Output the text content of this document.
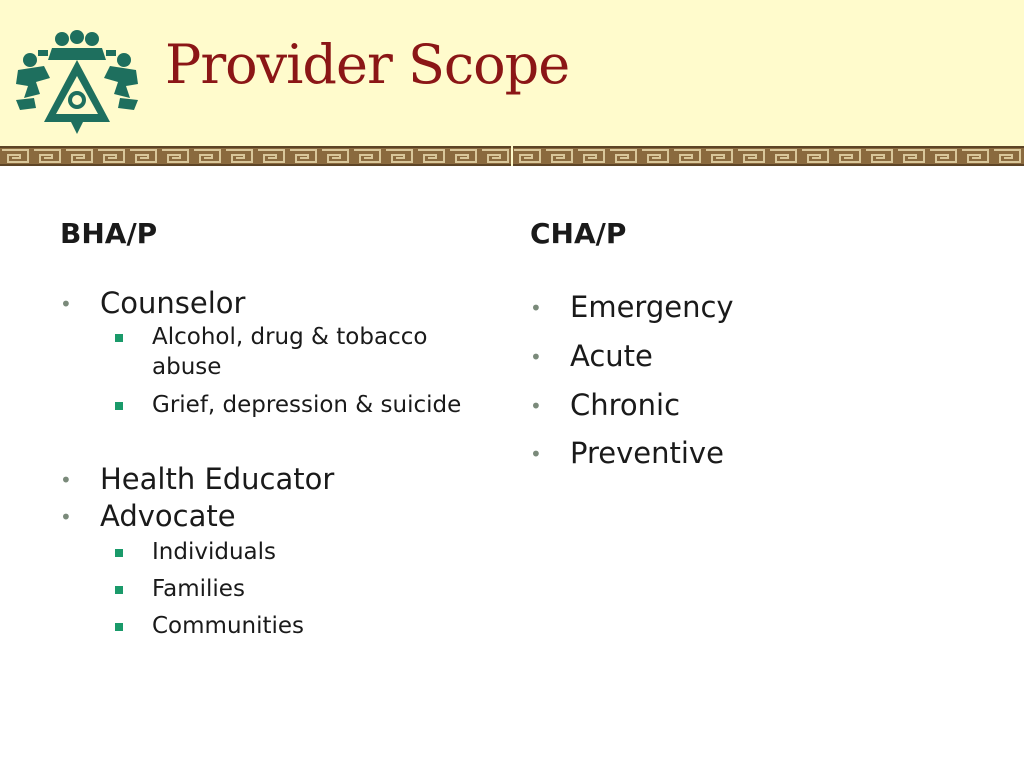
Provider Scope
BHA/P
• Counselor
Alcohol, drug & tobacco abuse
Grief, depression & suicide
• Health Educator
• Advocate
Individuals
Families
Communities
CHA/P
• Emergency
• Acute
• Chronic
• Preventive
